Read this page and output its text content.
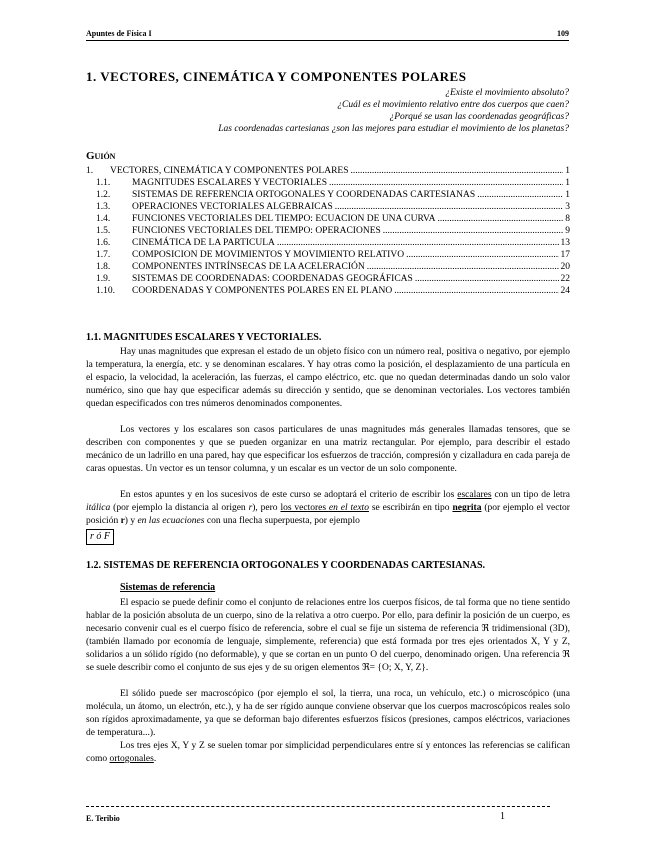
Apuntes de Física I	109
1. VECTORES, CINEMÁTICA Y COMPONENTES POLARES
¿Existe el movimiento absoluto?
¿Cuál es el movimiento relativo entre dos cuerpos que caen?
¿Porqué se usan las coordenadas geográficas?
Las coordenadas cartesianas ¿son las mejores para estudiar el movimiento de los planetas?
Guión
1.	VECTORES, CINEMÁTICA Y COMPONENTES POLARES .....	1
1.1.	MAGNITUDES ESCALARES Y VECTORIALES .....	1
1.2.	SISTEMAS DE REFERENCIA ORTOGONALES Y COORDENADAS CARTESIANAS .....	1
1.3.	OPERACIONES VECTORIALES ALGEBRAICAS .....	3
1.4.	FUNCIONES VECTORIALES DEL TIEMPO: ECUACION DE UNA CURVA .....	8
1.5.	FUNCIONES VECTORIALES DEL TIEMPO: OPERACIONES .....	9
1.6.	CINEMÁTICA DE LA PARTICULA .....	13
1.7.	COMPOSICION DE MOVIMIENTOS Y MOVIMIENTO RELATIVO .....	17
1.8.	COMPONENTES INTRÍNSECAS DE LA ACELERACIÓN .....	20
1.9.	SISTEMAS DE COORDENADAS: COORDENADAS GEOGRÁFICAS .....	22
1.10.	COORDENADAS Y COMPONENTES POLARES EN EL PLANO .....	24
1.1. MAGNITUDES ESCALARES Y VECTORIALES.
Hay unas magnitudes que expresan el estado de un objeto físico con un número real, positiva o negativo, por ejemplo la temperatura, la energía, etc. y se denominan escalares. Y hay otras como la posición, el desplazamiento de una partícula en el espacio, la velocidad, la aceleración, las fuerzas, el campo eléctrico, etc. que no quedan determinadas dando un solo valor numérico, sino que hay que especificar además su dirección y sentido, que se denominan vectoriales. Los vectores también quedan especificados con tres números denominados componentes.
Los vectores y los escalares son casos particulares de unas magnitudes más generales llamadas tensores, que se describen con componentes y que se pueden organizar en una matriz rectangular. Por ejemplo, para describir el estado mecánico de un ladrillo en una pared, hay que especificar los esfuerzos de tracción, compresión y cizalladura en cada pareja de caras opuestas. Un vector es un tensor columna, y un escalar es un vector de un solo componente.
En estos apuntes y en los sucesivos de este curso se adoptará el criterio de escribir los escalares con un tipo de letra itálica (por ejemplo la distancia al origen r), pero los vectores en el texto se escribirán en tipo negrita (por ejemplo el vector posición r) y en las ecuaciones con una flecha superpuesta, por ejemplo
r ó F
1.2. SISTEMAS DE REFERENCIA ORTOGONALES Y COORDENADAS CARTESIANAS.
Sistemas de referencia
El espacio se puede definir como el conjunto de relaciones entre los cuerpos físicos, de tal forma que no tiene sentido hablar de la posición absoluta de un cuerpo, sino de la relativa a otro cuerpo. Por ello, para definir la posición de un cuerpo, es necesario convenir cual es el cuerpo físico de referencia, sobre el cual se fije un sistema de referencia ℜ tridimensional (3D), (también llamado por economía de lenguaje, simplemente, referencia) que está formada por tres ejes orientados X, Y y Z, solidarios a un sólido rígido (no deformable), y que se cortan en un punto O del cuerpo, denominado origen. Una referencia ℜ se suele describir como el conjunto de sus ejes y de su origen elementos ℜ= {O; X, Y, Z}.
El sólido puede ser macroscópico (por ejemplo el sol, la tierra, una roca, un vehículo, etc.) o microscópico (una molécula, un átomo, un electrón, etc.), y ha de ser rígido aunque conviene observar que los cuerpos macroscópicos reales solo son rígidos aproximadamente, ya que se deforman bajo diferentes esfuerzos físicos (presiones, campos eléctricos, variaciones de temperatura...).
Los tres ejes X, Y y Z se suelen tomar por simplicidad perpendiculares entre sí y entonces las referencias se califican como ortogonales.
E. Teribio	1
